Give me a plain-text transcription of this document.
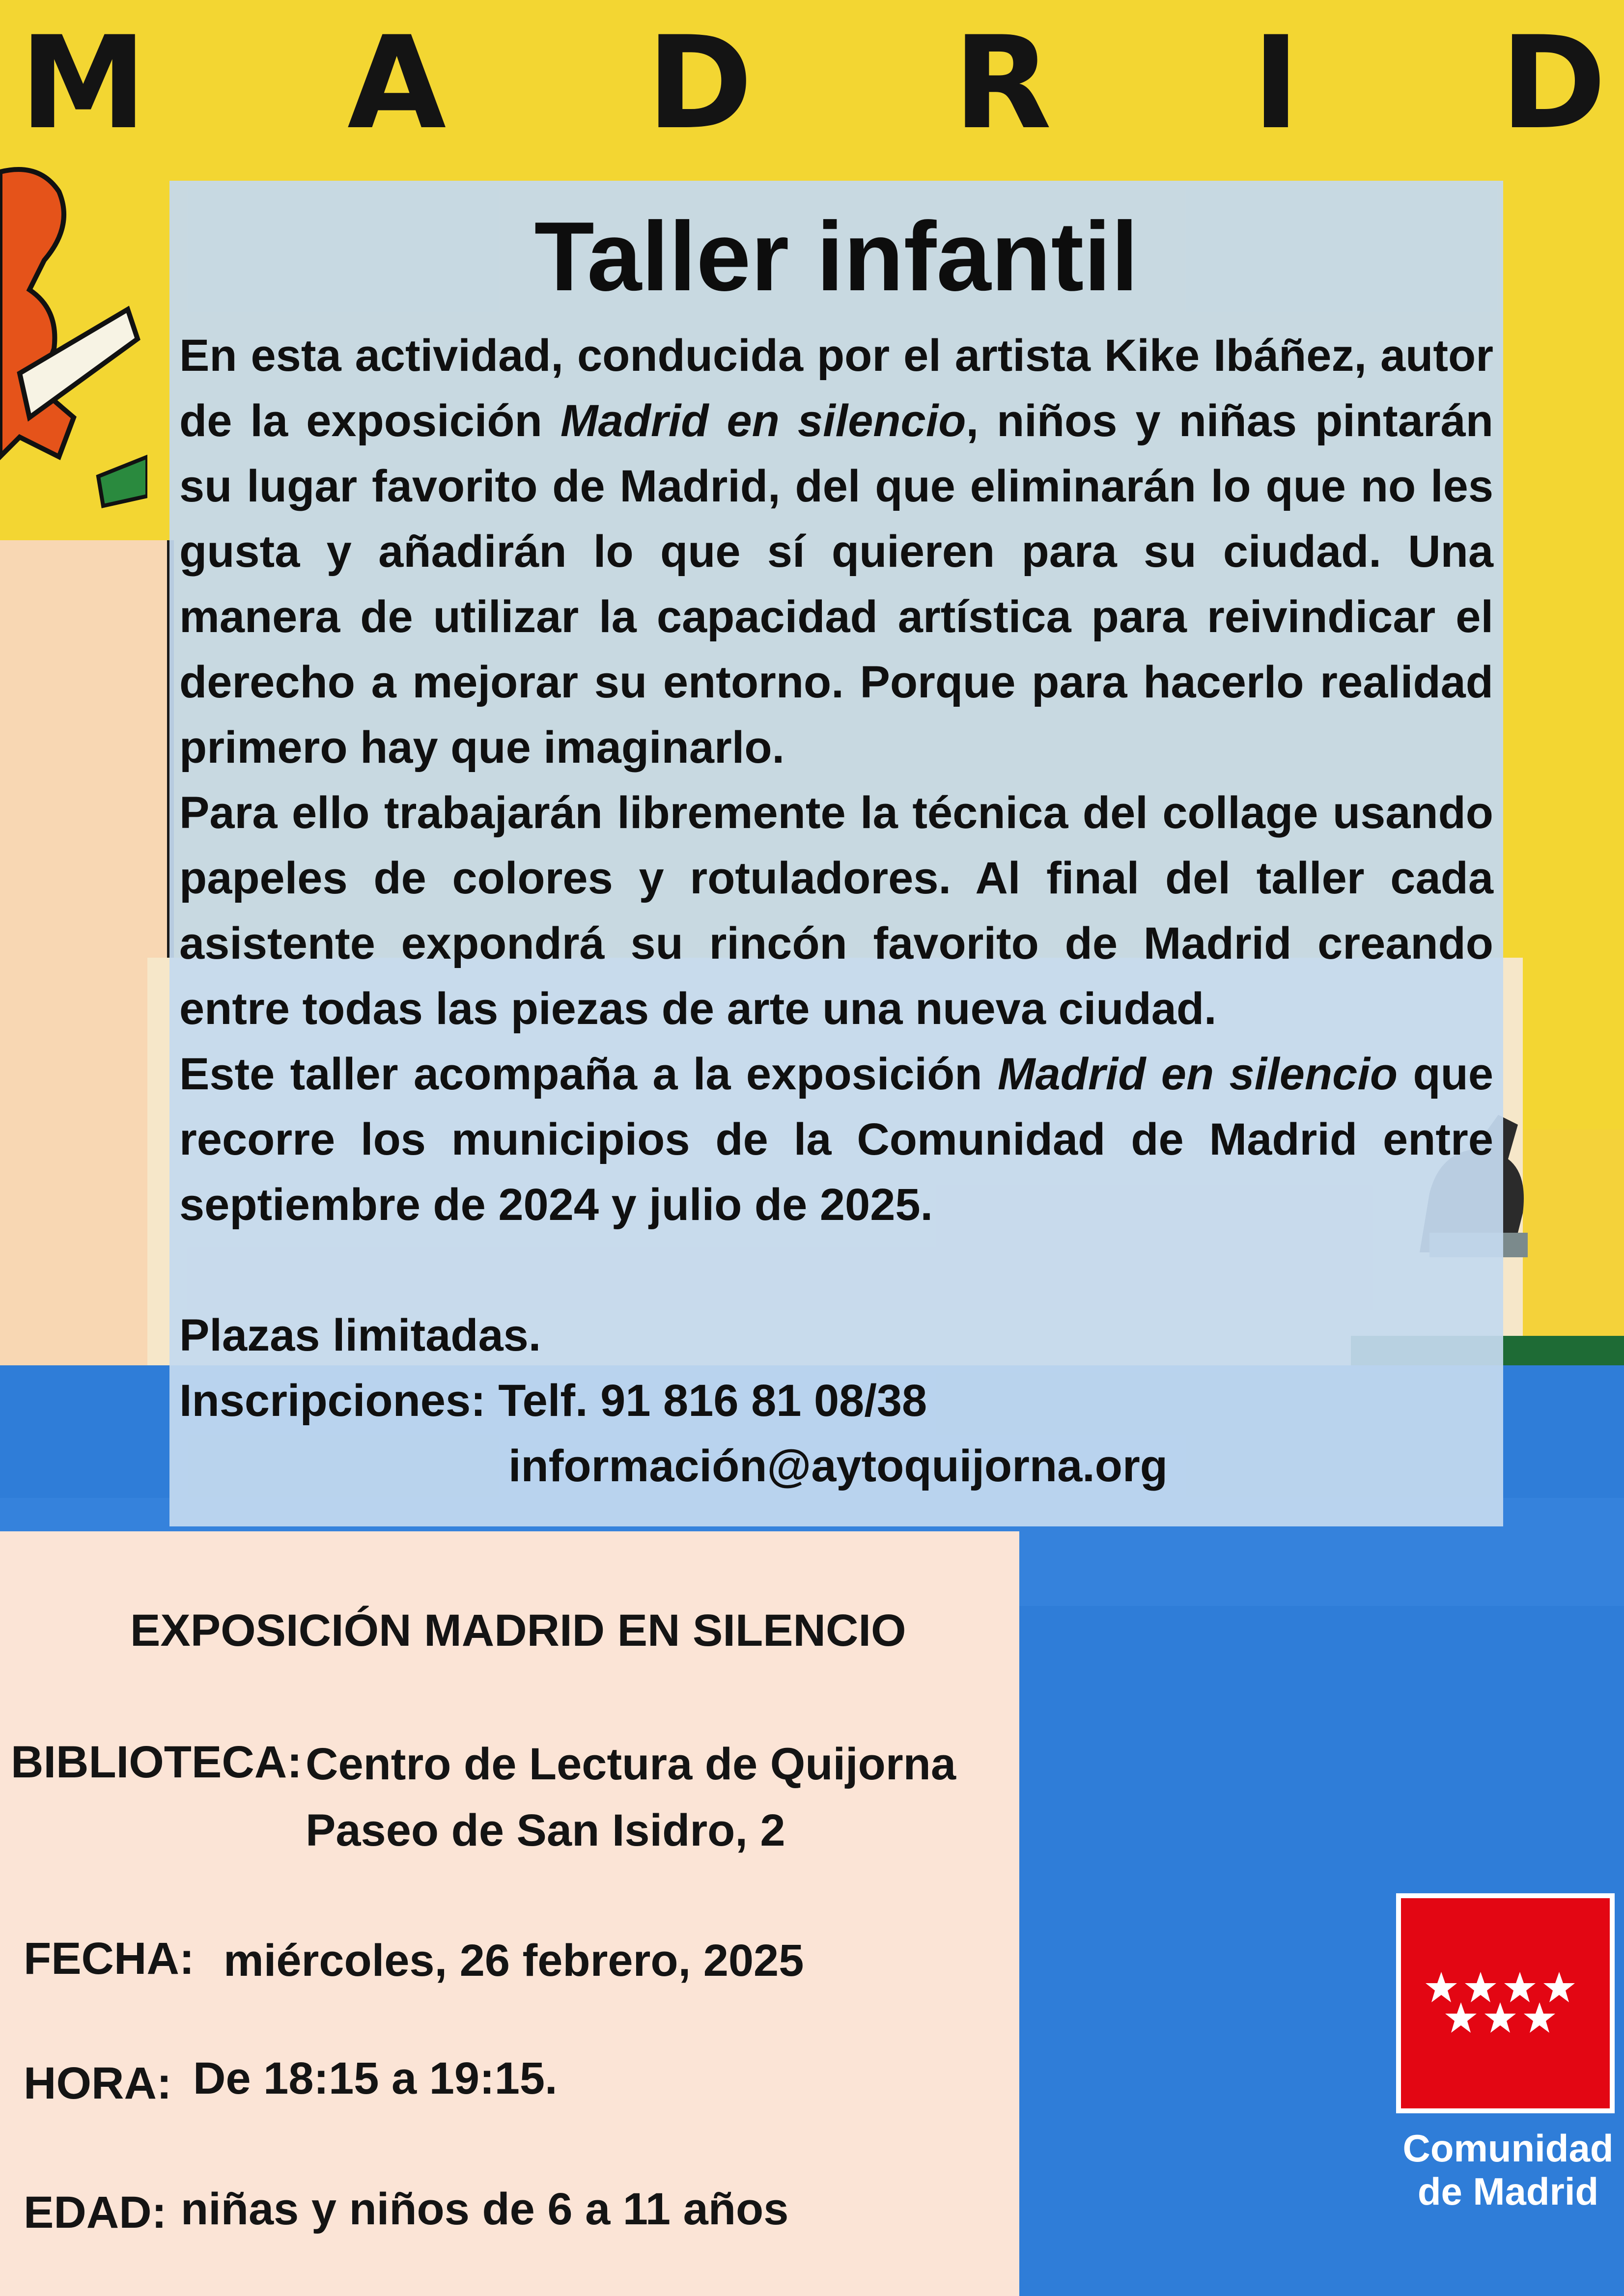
M A D R I D
Taller infantil

En esta actividad, conducida por el artista Kike Ibáñez, autor de la exposición Madrid en silencio, niños y niñas pintarán su lugar favorito de Madrid, del que eliminarán lo que no les gusta y añadirán lo que sí quieren para su ciudad. Una manera de utilizar la capacidad artística para reivindicar el derecho a mejorar su entorno. Porque para hacerlo realidad primero hay que imaginarlo.

Para ello trabajarán libremente la técnica del collage usando papeles de colores y rotuladores. Al final del taller cada asistente expondrá su rincón favorito de Madrid creando entre todas las piezas de arte una nueva ciudad.

Este taller acompaña a la exposición Madrid en silencio que recorre los municipios de la Comunidad de Madrid entre septiembre de 2024 y julio de 2025.

Plazas limitadas.

Inscripciones: Telf. 91 816 81 08/38

información@aytoquijorna.org

EXPOSICIÓN MADRID EN SILENCIO
BIBLIOTECA: Centro de Lectura de Quijorna
Paseo de San Isidro, 2
FECHA: miércoles, 26 febrero, 2025
HORA: De 18:15 a 19:15.
EDAD: niñas y niños de 6 a 11 años
Comunidad
de Madrid
